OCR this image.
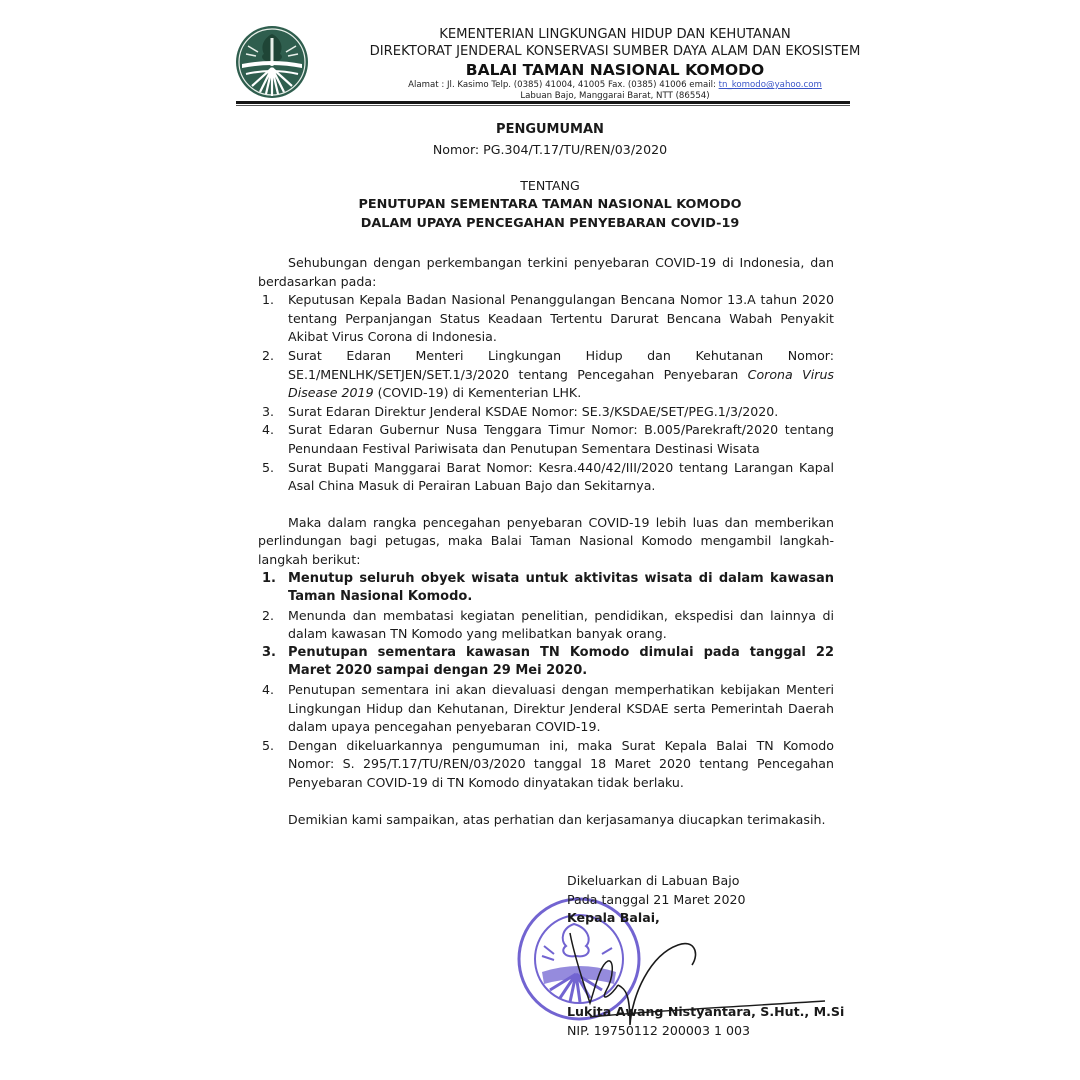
KEMENTERIAN LINGKUNGAN HIDUP DAN KEHUTANAN
DIREKTORAT JENDERAL KONSERVASI SUMBER DAYA ALAM DAN EKOSISTEM
BALAI TAMAN NASIONAL KOMODO
Alamat : Jl. Kasimo Telp. (0385) 41004, 41005 Fax. (0385) 41006 email: tn_komodo@yahoo.com
Labuan Bajo, Manggarai Barat, NTT (86554)
PENGUMUMAN
Nomor: PG.304/T.17/TU/REN/03/2020
TENTANG
PENUTUPAN SEMENTARA TAMAN NASIONAL KOMODO
DALAM UPAYA PENCEGAHAN PENYEBARAN COVID-19

Sehubungan dengan perkembangan terkini penyebaran COVID-19 di Indonesia, dan berdasarkan pada:

1. Keputusan Kepala Badan Nasional Penanggulangan Bencana Nomor 13.A tahun 2020 tentang Perpanjangan Status Keadaan Tertentu Darurat Bencana Wabah Penyakit Akibat Virus Corona di Indonesia.
2. Surat Edaran Menteri Lingkungan Hidup dan Kehutanan Nomor: SE.1/MENLHK/SETJEN/SET.1/3/2020 tentang Pencegahan Penyebaran Corona Virus Disease 2019 (COVID-19) di Kementerian LHK.
3. Surat Edaran Direktur Jenderal KSDAE Nomor: SE.3/KSDAE/SET/PEG.1/3/2020.
4. Surat Edaran Gubernur Nusa Tenggara Timur Nomor: B.005/Parekraft/2020 tentang Penundaan Festival Pariwisata dan Penutupan Sementara Destinasi Wisata
5. Surat Bupati Manggarai Barat Nomor: Kesra.440/42/III/2020 tentang Larangan Kapal Asal China Masuk di Perairan Labuan Bajo dan Sekitarnya.

Maka dalam rangka pencegahan penyebaran COVID-19 lebih luas dan memberikan perlindungan bagi petugas, maka Balai Taman Nasional Komodo mengambil langkah-langkah berikut:

1. Menutup seluruh obyek wisata untuk aktivitas wisata di dalam kawasan Taman Nasional Komodo.
2. Menunda dan membatasi kegiatan penelitian, pendidikan, ekspedisi dan lainnya di dalam kawasan TN Komodo yang melibatkan banyak orang.
3. Penutupan sementara kawasan TN Komodo dimulai pada tanggal 22 Maret 2020 sampai dengan 29 Mei 2020.
4. Penutupan sementara ini akan dievaluasi dengan memperhatikan kebijakan Menteri Lingkungan Hidup dan Kehutanan, Direktur Jenderal KSDAE serta Pemerintah Daerah dalam upaya pencegahan penyebaran COVID-19.
5. Dengan dikeluarkannya pengumuman ini, maka Surat Kepala Balai TN Komodo Nomor: S. 295/T.17/TU/REN/03/2020 tanggal 18 Maret 2020 tentang Pencegahan Penyebaran COVID-19 di TN Komodo dinyatakan tidak berlaku.

Demikian kami sampaikan, atas perhatian dan kerjasamanya diucapkan terimakasih.

Dikeluarkan di Labuan Bajo
Pada tanggal 21 Maret 2020
Kepala Balai,
Lukita Awang Nistyantara, S.Hut., M.Si
NIP. 19750112 200003 1 003
